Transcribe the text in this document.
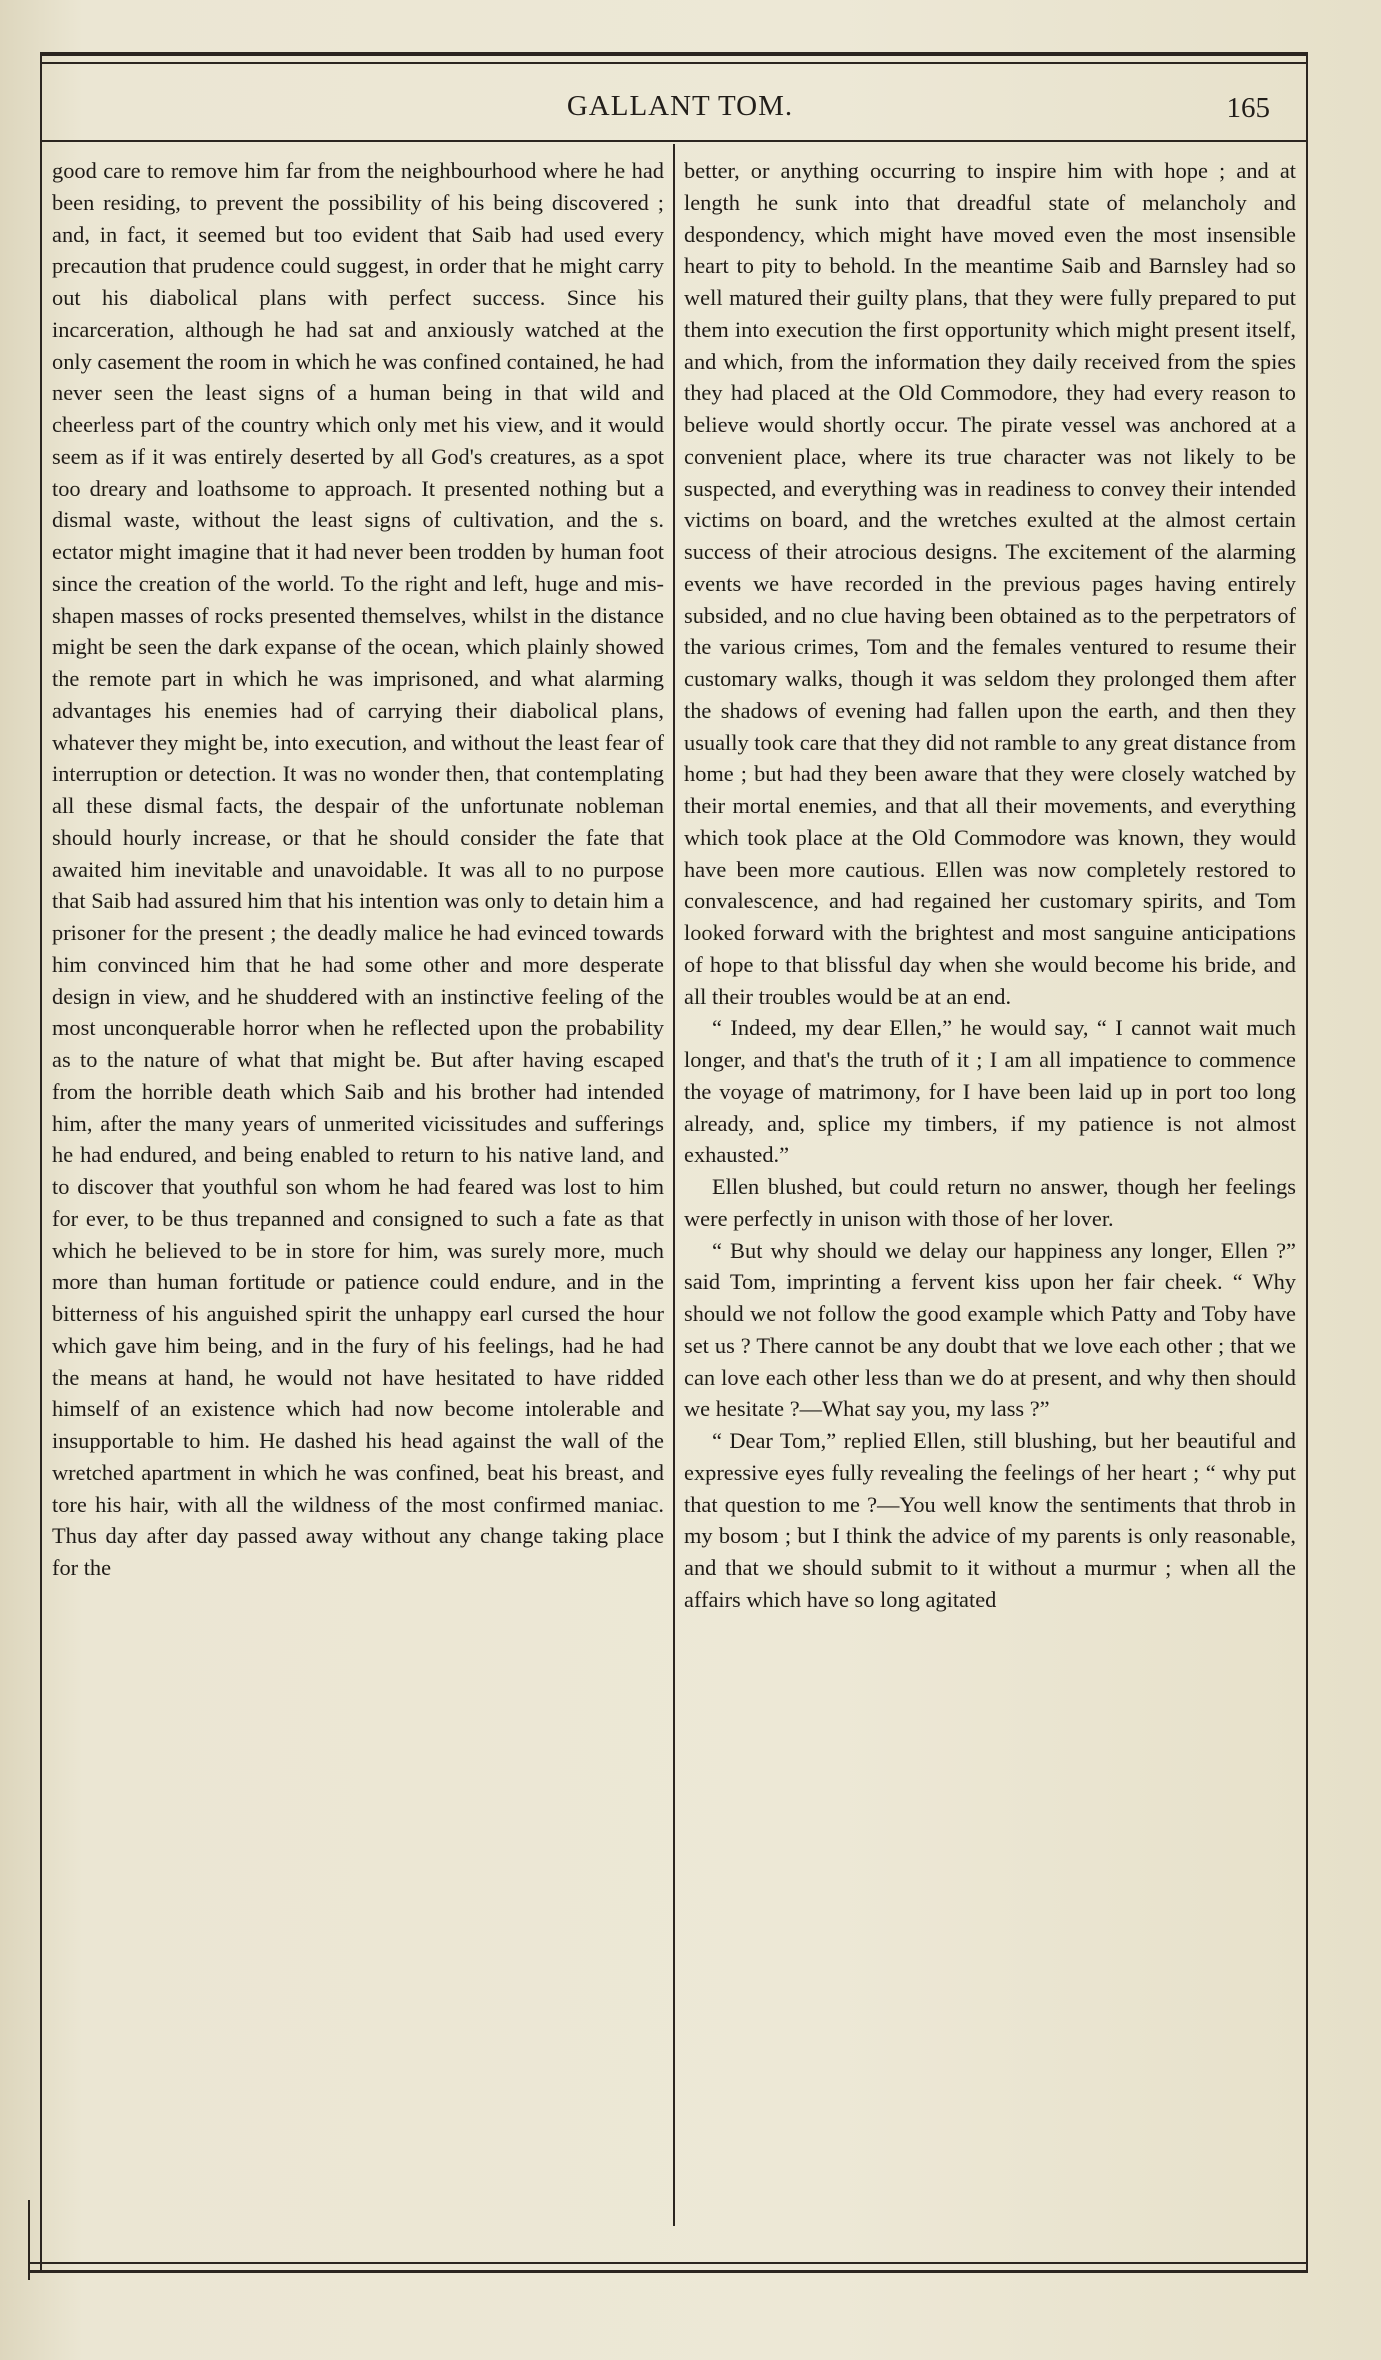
GALLANT TOM.	165

good care to remove him far from the neighbourhood where he had been residing, to prevent the possibility of his being discovered ; and, in fact, it seemed but too evident that Saib had used every precaution that prudence could suggest, in order that he might carry out his diabolical plans with perfect success. Since his incarceration, although he had sat and anxiously watched at the only casement the room in which he was confined contained, he had never seen the least signs of a human being in that wild and cheerless part of the country which only met his view, and it would seem as if it was entirely deserted by all God's creatures, as a spot too dreary and loathsome to approach. It presented nothing but a dismal waste, without the least signs of cultivation, and the s. ectator might imagine that it had never been trodden by human foot since the creation of the world. To the right and left, huge and mis-shapen masses of rocks presented themselves, whilst in the distance might be seen the dark expanse of the ocean, which plainly showed the remote part in which he was imprisoned, and what alarming advantages his enemies had of carrying their diabolical plans, whatever they might be, into execution, and without the least fear of interruption or detection. It was no wonder then, that contemplating all these dismal facts, the despair of the unfortunate nobleman should hourly increase, or that he should consider the fate that awaited him inevitable and unavoidable. It was all to no purpose that Saib had assured him that his intention was only to detain him a prisoner for the present ; the deadly malice he had evinced towards him convinced him that he had some other and more desperate design in view, and he shuddered with an instinctive feeling of the most unconquerable horror when he reflected upon the probability as to the nature of what that might be. But after having escaped from the horrible death which Saib and his brother had intended him, after the many years of unmerited vicissitudes and sufferings he had endured, and being enabled to return to his native land, and to discover that youthful son whom he had feared was lost to him for ever, to be thus trepanned and consigned to such a fate as that which he believed to be in store for him, was surely more, much more than human fortitude or patience could endure, and in the bitterness of his anguished spirit the unhappy earl cursed the hour which gave him being, and in the fury of his feelings, had he had the means at hand, he would not have hesitated to have ridded himself of an existence which had now become intolerable and insupportable to him. He dashed his head against the wall of the wretched apartment in which he was confined, beat his breast, and tore his hair, with all the wildness of the most confirmed maniac. Thus day after day passed away without any change taking place for the

better, or anything occurring to inspire him with hope ; and at length he sunk into that dreadful state of melancholy and despondency, which might have moved even the most insensible heart to pity to behold. In the meantime Saib and Barnsley had so well matured their guilty plans, that they were fully prepared to put them into execution the first opportunity which might present itself, and which, from the information they daily received from the spies they had placed at the Old Commodore, they had every reason to believe would shortly occur. The pirate vessel was anchored at a convenient place, where its true character was not likely to be suspected, and everything was in readiness to convey their intended victims on board, and the wretches exulted at the almost certain success of their atrocious designs. The excitement of the alarming events we have recorded in the previous pages having entirely subsided, and no clue having been obtained as to the perpetrators of the various crimes, Tom and the females ventured to resume their customary walks, though it was seldom they prolonged them after the shadows of evening had fallen upon the earth, and then they usually took care that they did not ramble to any great distance from home ; but had they been aware that they were closely watched by their mortal enemies, and that all their movements, and everything which took place at the Old Commodore was known, they would have been more cautious. Ellen was now completely restored to convalescence, and had regained her customary spirits, and Tom looked forward with the brightest and most sanguine anticipations of hope to that blissful day when she would become his bride, and all their troubles would be at an end.

“ Indeed, my dear Ellen,” he would say, “ I cannot wait much longer, and that's the truth of it ; I am all impatience to commence the voyage of matrimony, for I have been laid up in port too long already, and, splice my timbers, if my patience is not almost exhausted.”

Ellen blushed, but could return no answer, though her feelings were perfectly in unison with those of her lover.

“ But why should we delay our happiness any longer, Ellen ?” said Tom, imprinting a fervent kiss upon her fair cheek. “ Why should we not follow the good example which Patty and Toby have set us ? There cannot be any doubt that we love each other ; that we can love each other less than we do at present, and why then should we hesitate ?—What say you, my lass ?”

“ Dear Tom,” replied Ellen, still blushing, but her beautiful and expressive eyes fully revealing the feelings of her heart ; “ why put that question to me ?—You well know the sentiments that throb in my bosom ; but I think the advice of my parents is only reasonable, and that we should submit to it without a murmur ; when all the affairs which have so long agitated
